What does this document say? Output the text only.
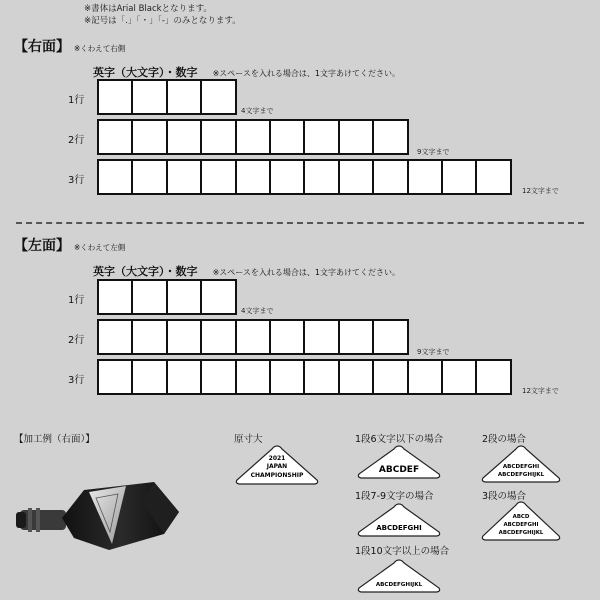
※書体はArial Blackとなります。
※記号は「.」「・」「-」のみとなります。
【右面】 ※くわえて右側
英字（大文字）・数字 ※スペースを入れる場合は、1文字あけてください。
1行
4文字まで
2行
9文字まで
3行
12文字まで
【左面】 ※くわえて左側
英字（大文字）・数字 ※スペースを入れる場合は、1文字あけてください。
1行
4文字まで
2行
9文字まで
3行
12文字まで
【加工例（右面）】	原寸大
2021
JAPAN
CHAMPIONSHIP
1段6文字以下の場合
ABCDEF
2段の場合
ABCDEFGHI
ABCDEFGHIJKL
1段7-9文字の場合
ABCDEFGHI
3段の場合
ABCD
ABCDEFGHI
ABCDEFGHIJKL
1段10文字以上の場合
ABCDEFGHIJKL
